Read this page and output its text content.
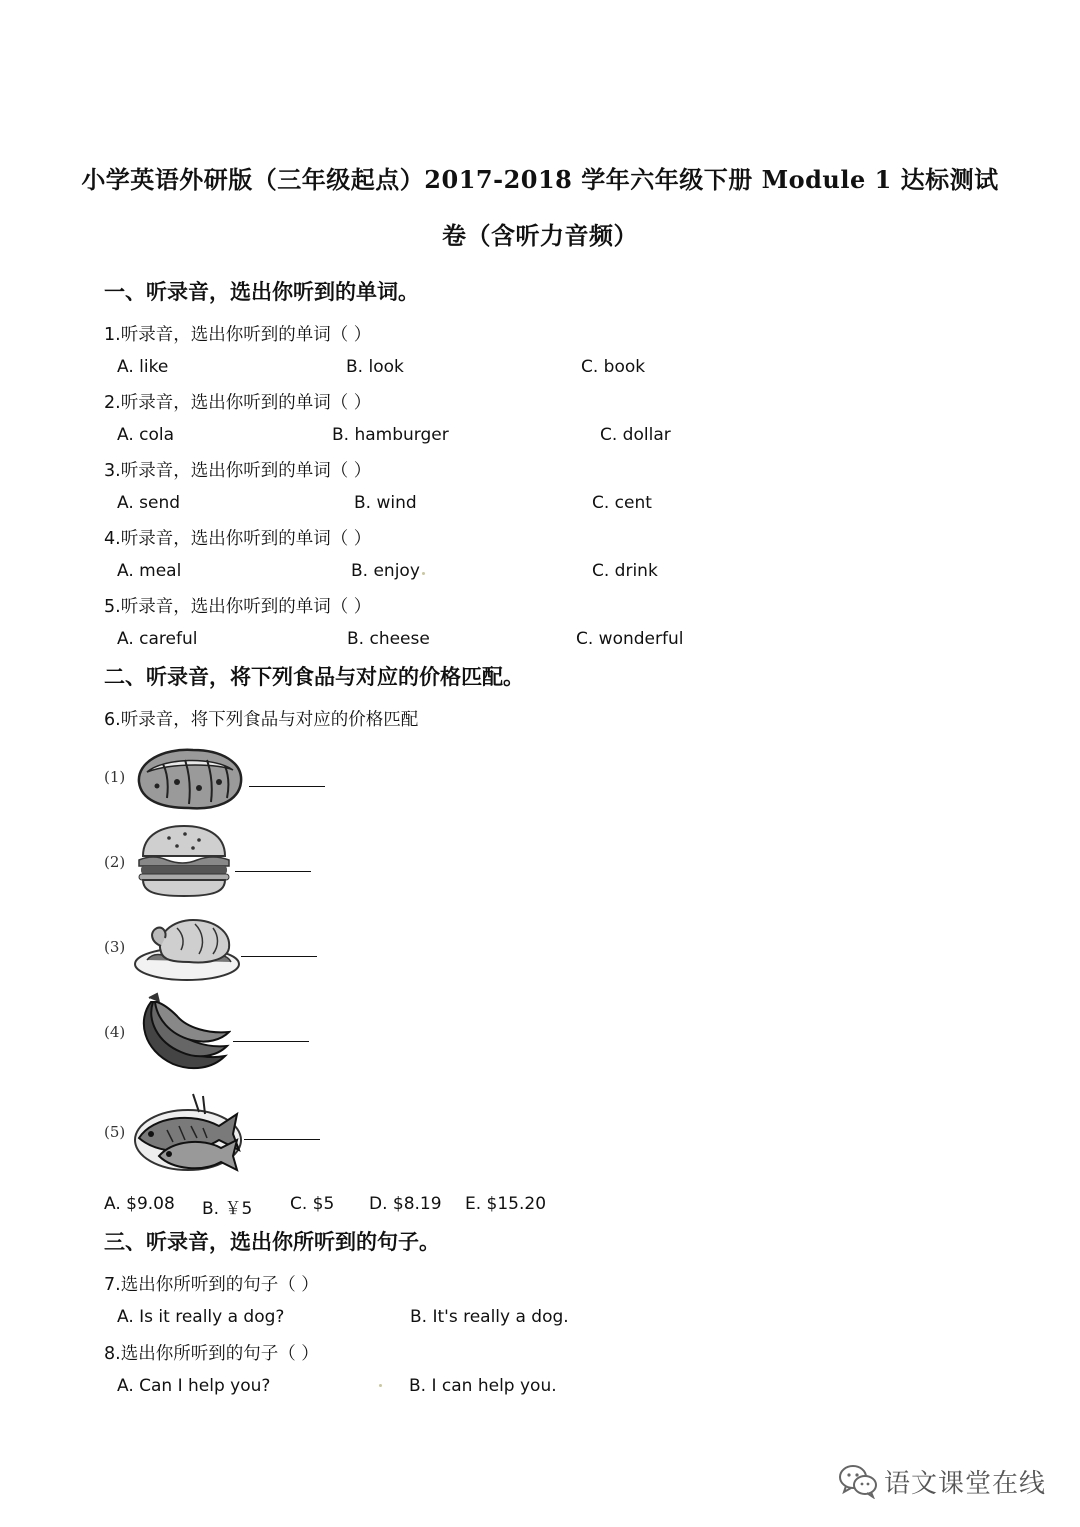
小学英语外研版（三年级起点）2017-2018 学年六年级下册 Module 1 达标测试
卷（含听力音频）
一、听录音，选出你听到的单词。
1.听录音，选出你听到的单词（ ）
A. like	B. look	C. book
2.听录音，选出你听到的单词（ ）
A. cola	B. hamburger	C. dollar
3.听录音，选出你听到的单词（ ）
A. send	B. wind	C. cent
4.听录音，选出你听到的单词（ ）
A. meal	B. enjoy	C. drink
5.听录音，选出你听到的单词（ ）
A. careful	B. cheese	C. wonderful
二、听录音，将下列食品与对应的价格匹配。
6.听录音，将下列食品与对应的价格匹配
(1)
(2)
(3)
(4)
(5)
A. $9.08 B. ￥5 C. $5 D. $8.19 E. $15.20
三、听录音，选出你所听到的句子。
7.选出你所听到的句子（ ）
A. Is it really a dog?	B. It's really a dog.
8.选出你所听到的句子（ ）
A. Can I help you?	B. I can help you.
语文课堂在线
